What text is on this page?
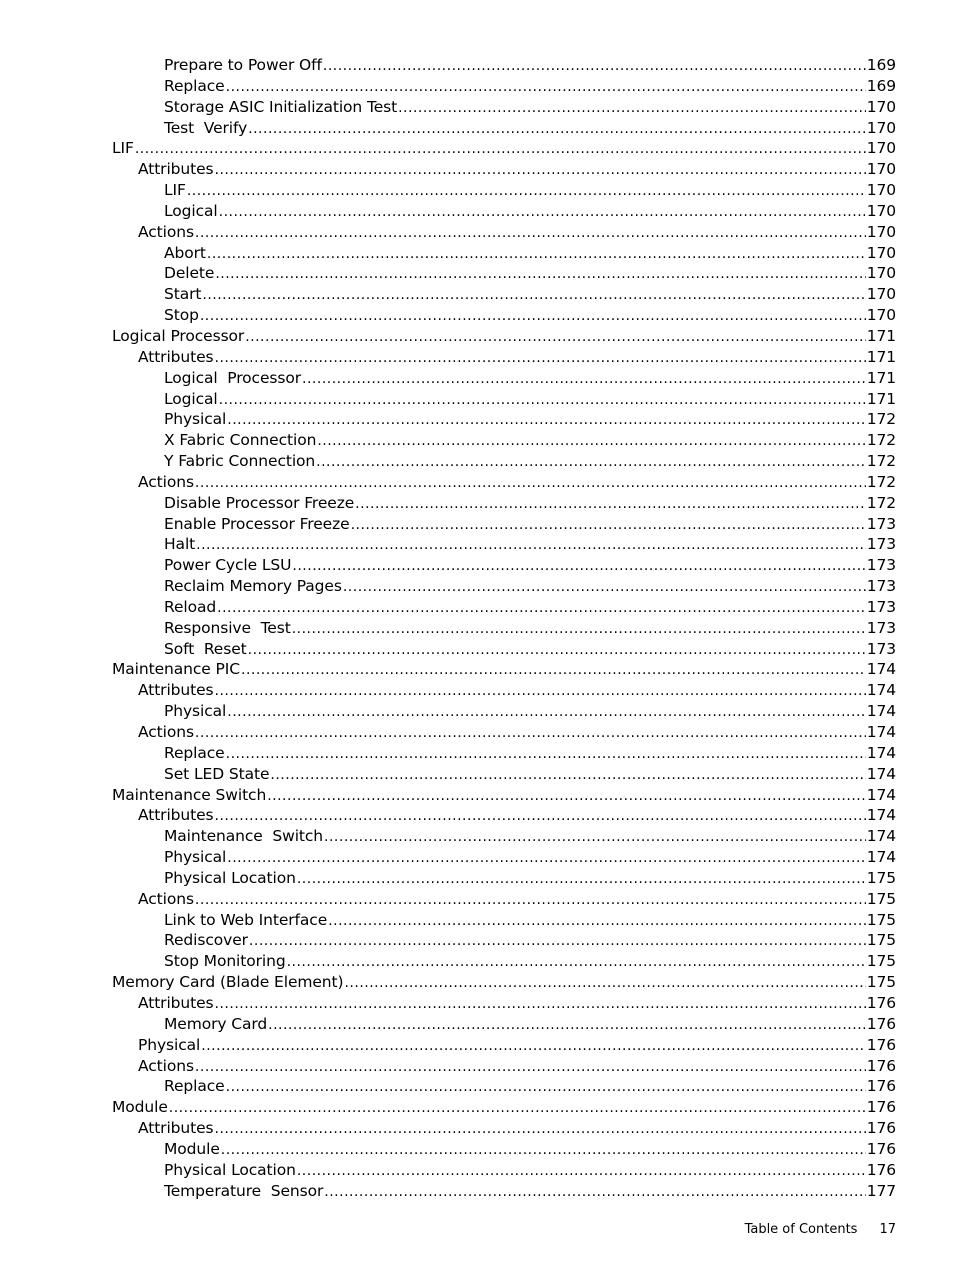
Prepare to Power Off .....	169
Replace .....	169
Storage ASIC Initialization Test .....	170
Test  Verify .....	170
LIF .....	170
Attributes .....	170
LIF .....	170
Logical .....	170
Actions .....	170
Abort .....	170
Delete .....	170
Start .....	170
Stop .....	170
Logical Processor .....	171
Attributes .....	171
Logical  Processor .....	171
Logical .....	171
Physical .....	172
X Fabric Connection .....	172
Y Fabric Connection .....	172
Actions .....	172
Disable Processor Freeze .....	172
Enable Processor Freeze .....	173
Halt .....	173
Power Cycle LSU .....	173
Reclaim Memory Pages .....	173
Reload .....	173
Responsive  Test .....	173
Soft  Reset .....	173
Maintenance PIC .....	174
Attributes .....	174
Physical .....	174
Actions .....	174
Replace .....	174
Set LED State .....	174
Maintenance Switch .....	174
Attributes .....	174
Maintenance  Switch .....	174
Physical .....	174
Physical Location .....	175
Actions .....	175
Link to Web Interface .....	175
Rediscover .....	175
Stop Monitoring .....	175
Memory Card (Blade Element) .....	175
Attributes .....	176
Memory Card .....	176
Physical .....	176
Actions .....	176
Replace .....	176
Module .....	176
Attributes .....	176
Module .....	176
Physical Location .....	176
Temperature  Sensor .....	177
Table of Contents 17
